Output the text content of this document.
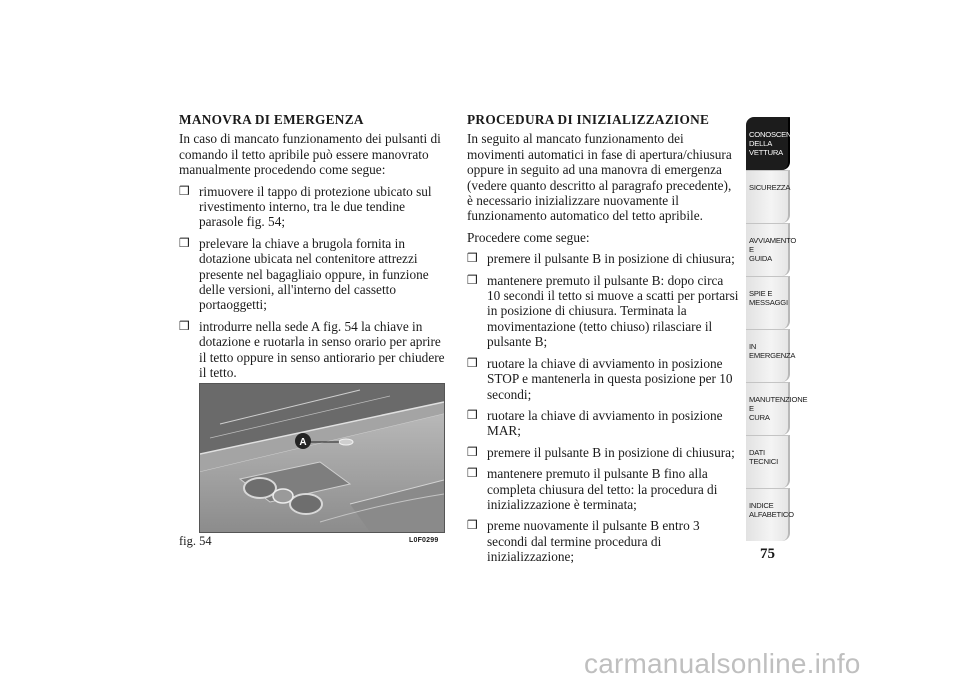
MANOVRA DI EMERGENZA
In caso di mancato funzionamento dei pulsanti di comando il tetto apribile può essere manovrato manualmente procedendo come segue:
❒ rimuovere il tappo di protezione ubicato sul rivestimento interno, tra le due tendine parasole fig. 54;
❒ prelevare la chiave a brugola fornita in dotazione ubicata nel contenitore attrezzi presente nel bagagliaio oppure, in funzione delle versioni, all'interno del cassetto portaoggetti;
❒ introdurre nella sede A fig. 54 la chiave in dotazione e ruotarla in senso orario per aprire il tetto oppure in senso antiorario per chiudere il tetto.
A
fig. 54	L0F0299
PROCEDURA DI INIZIALIZZAZIONE
In seguito al mancato funzionamento dei movimenti automatici in fase di apertura/chiusura oppure in seguito ad una manovra di emergenza (vedere quanto descritto al paragrafo precedente), è necessario inizializzare nuovamente il funzionamento automatico del tetto apribile.
Procedere come segue:
❒ premere il pulsante B in posizione di chiusura;
❒ mantenere premuto il pulsante B: dopo circa 10 secondi il tetto si muove a scatti per portarsi in posizione di chiusura. Terminata la movimentazione (tetto chiuso) rilasciare il pulsante B;
❒ ruotare la chiave di avviamento in posizione STOP e mantenerla in questa posizione per 10 secondi;
❒ ruotare la chiave di avviamento in posizione MAR;
❒ premere il pulsante B in posizione di chiusura;
❒ mantenere premuto il pulsante B fino alla completa chiusura del tetto: la procedura di inizializzazione è terminata;
❒ preme nuovamente il pulsante B entro 3 secondi dal termine procedura di inizializzazione;
CONOSCENZA
DELLA VETTURA
SICUREZZA
AVVIAMENTO E
GUIDA
SPIE E MESSAGGI
IN EMERGENZA
MANUTENZIONE E
CURA
DATI TECNICI
INDICE
ALFABETICO
75
carmanualsonline.info
